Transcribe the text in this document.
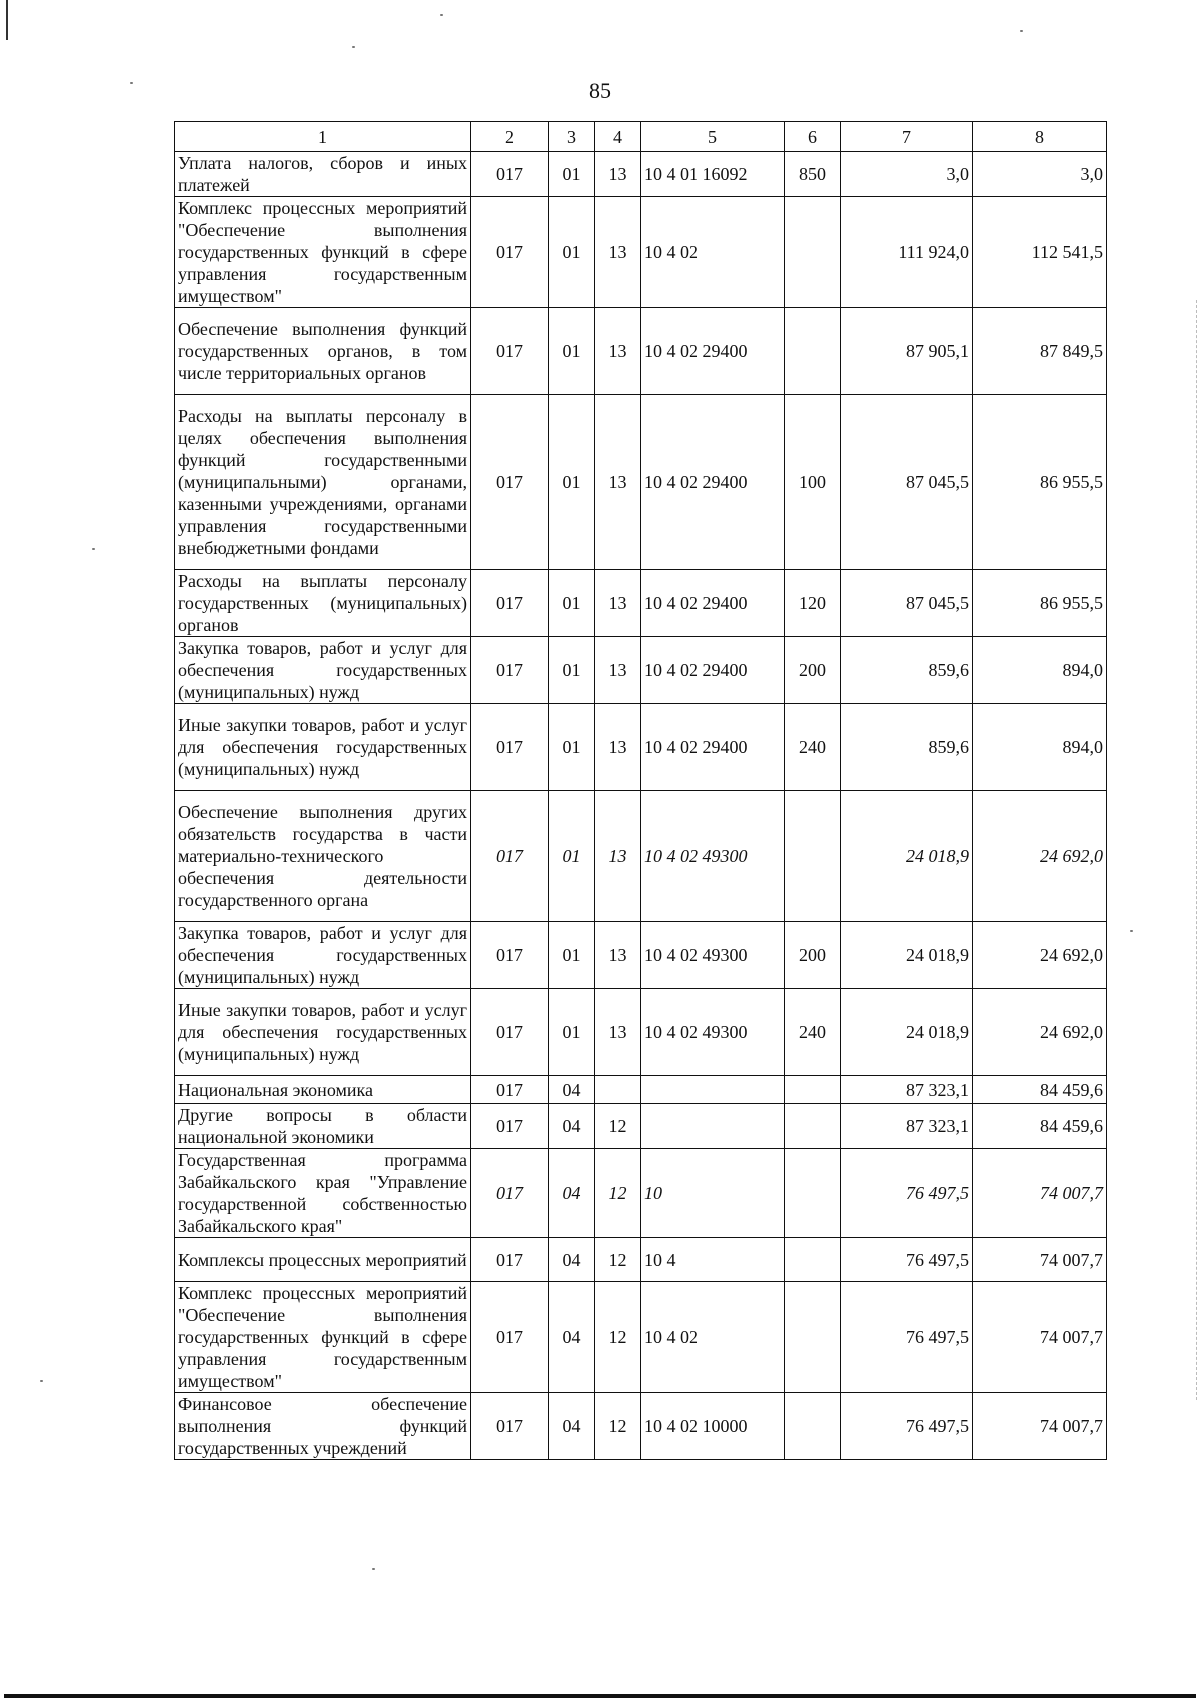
85
1	2	3	4	5	6	7	8
Уплата налогов, сборов и иных платежей	017	01	13	10 4 01 16092	850	3,0	3,0
Комплекс процессных мероприятий "Обеспечение выполнения государственных функций в сфере управления государственным имуществом"	017	01	13	10 4 02		111 924,0	112 541,5
Обеспечение выполнения функций государственных органов, в том числе территориальных органов	017	01	13	10 4 02 29400		87 905,1	87 849,5
Расходы на выплаты персоналу в целях обеспечения выполнения функций государственными (муниципальными) органами, казенными учреждениями, органами управления государственными внебюджетными фондами	017	01	13	10 4 02 29400	100	87 045,5	86 955,5
Расходы на выплаты персоналу государственных (муниципальных) органов	017	01	13	10 4 02 29400	120	87 045,5	86 955,5
Закупка товаров, работ и услуг для обеспечения государственных (муниципальных) нужд	017	01	13	10 4 02 29400	200	859,6	894,0
Иные закупки товаров, работ и услуг для обеспечения государственных (муниципальных) нужд	017	01	13	10 4 02 29400	240	859,6	894,0
Обеспечение выполнения других обязательств государства в части материально-технического обеспечения деятельности государственного органа	017	01	13	10 4 02 49300		24 018,9	24 692,0
Закупка товаров, работ и услуг для обеспечения государственных (муниципальных) нужд	017	01	13	10 4 02 49300	200	24 018,9	24 692,0
Иные закупки товаров, работ и услуг для обеспечения государственных (муниципальных) нужд	017	01	13	10 4 02 49300	240	24 018,9	24 692,0
Национальная экономика	017	04				87 323,1	84 459,6
Другие вопросы в области национальной экономики	017	04	12			87 323,1	84 459,6
Государственная программа Забайкальского края "Управление государственной собственностью Забайкальского края"	017	04	12	10		76 497,5	74 007,7
Комплексы процессных мероприятий	017	04	12	10 4		76 497,5	74 007,7
Комплекс процессных мероприятий "Обеспечение выполнения государственных функций в сфере управления государственным имуществом"	017	04	12	10 4 02		76 497,5	74 007,7
Финансовое обеспечение выполнения функций государственных учреждений	017	04	12	10 4 02 10000		76 497,5	74 007,7
